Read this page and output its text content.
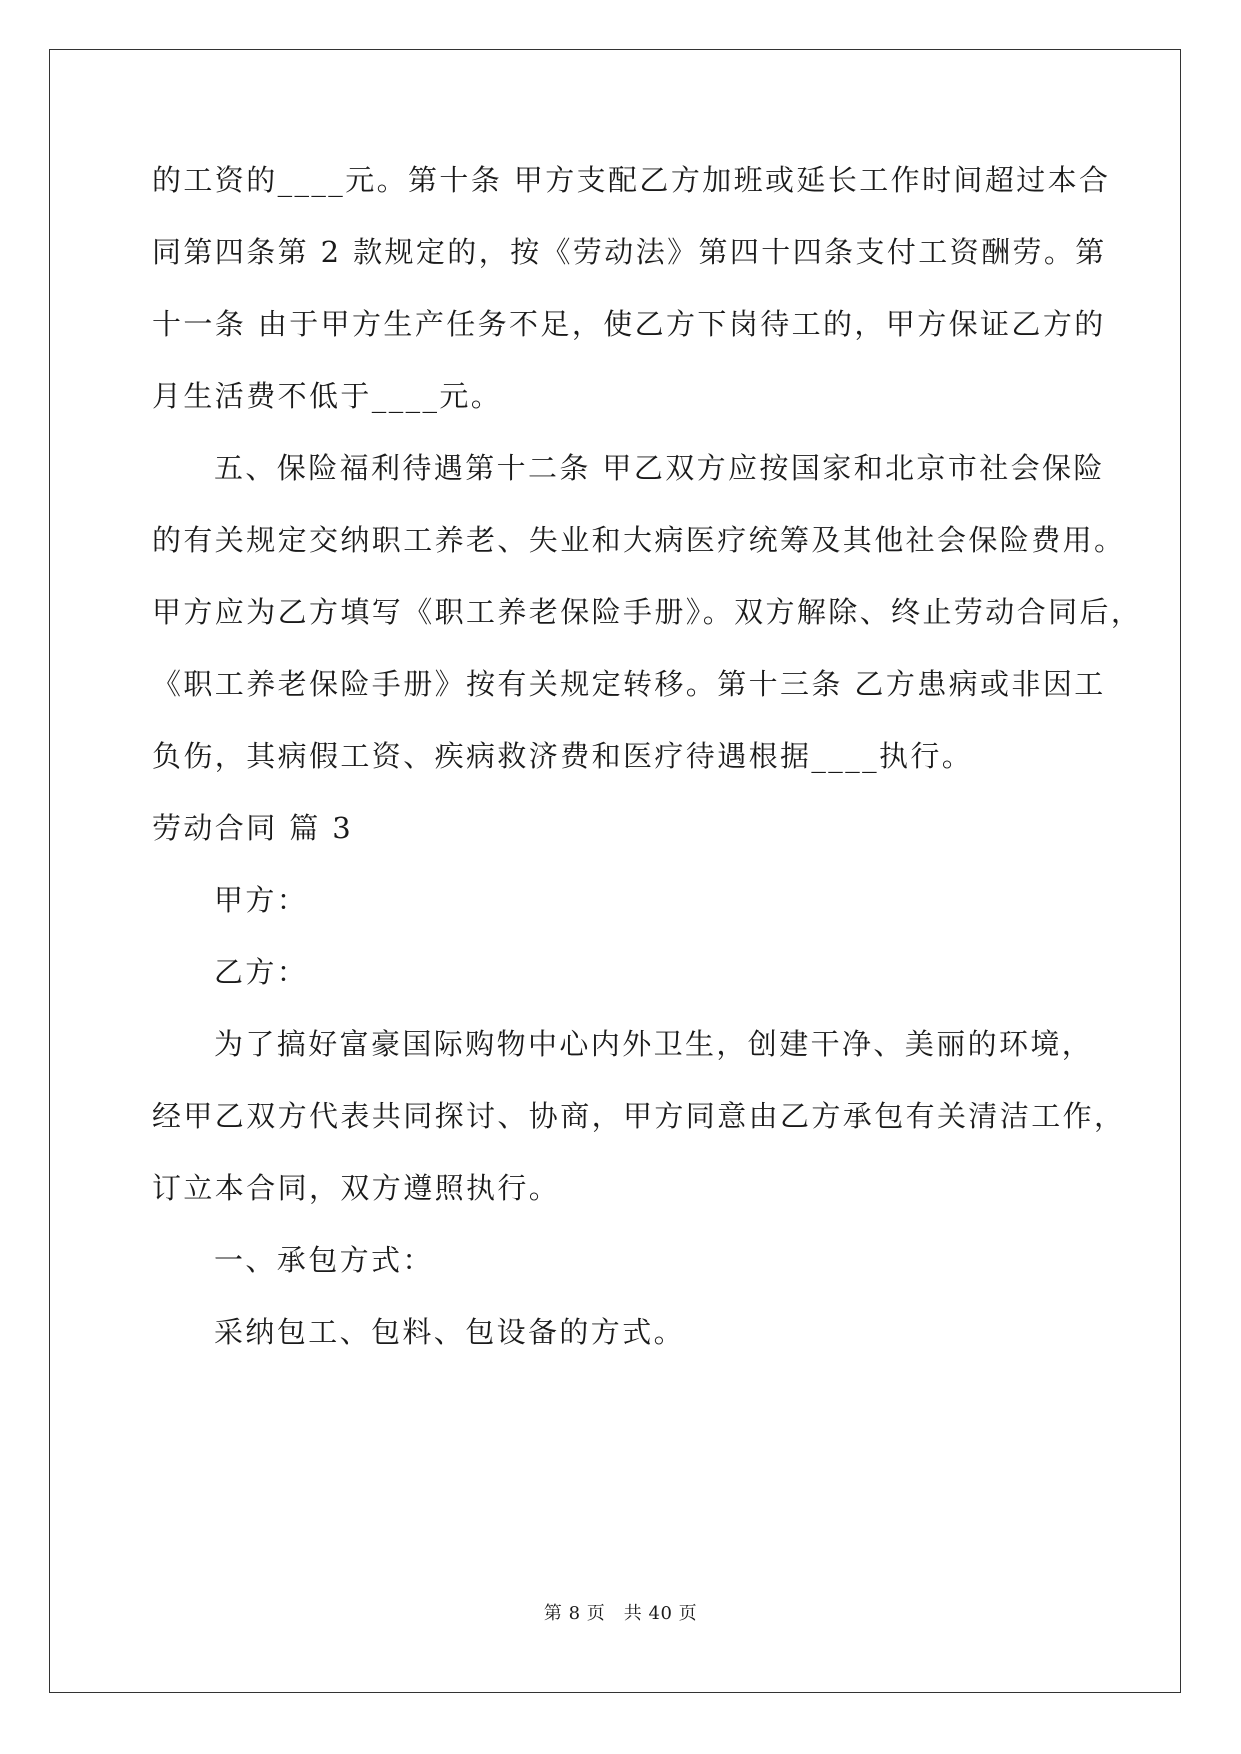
的工资的____元。第十条 甲方支配乙方加班或延长工作时间超过本合
同第四条第 2 款规定的，按《劳动法》第四十四条支付工资酬劳。第
十一条 由于甲方生产任务不足，使乙方下岗待工的，甲方保证乙方的
月生活费不低于____元。
五、保险福利待遇第十二条 甲乙双方应按国家和北京市社会保险
的有关规定交纳职工养老、失业和大病医疗统筹及其他社会保险费用。
甲方应为乙方填写《职工养老保险手册》。双方解除、终止劳动合同后，
《职工养老保险手册》按有关规定转移。第十三条 乙方患病或非因工
负伤，其病假工资、疾病救济费和医疗待遇根据____执行。
劳动合同 篇 3
甲方：
乙方：
为了搞好富豪国际购物中心内外卫生，创建干净、美丽的环境，
经甲乙双方代表共同探讨、协商，甲方同意由乙方承包有关清洁工作，
订立本合同，双方遵照执行。
一、承包方式：
采纳包工、包料、包设备的方式。
第 8 页　共 40 页
